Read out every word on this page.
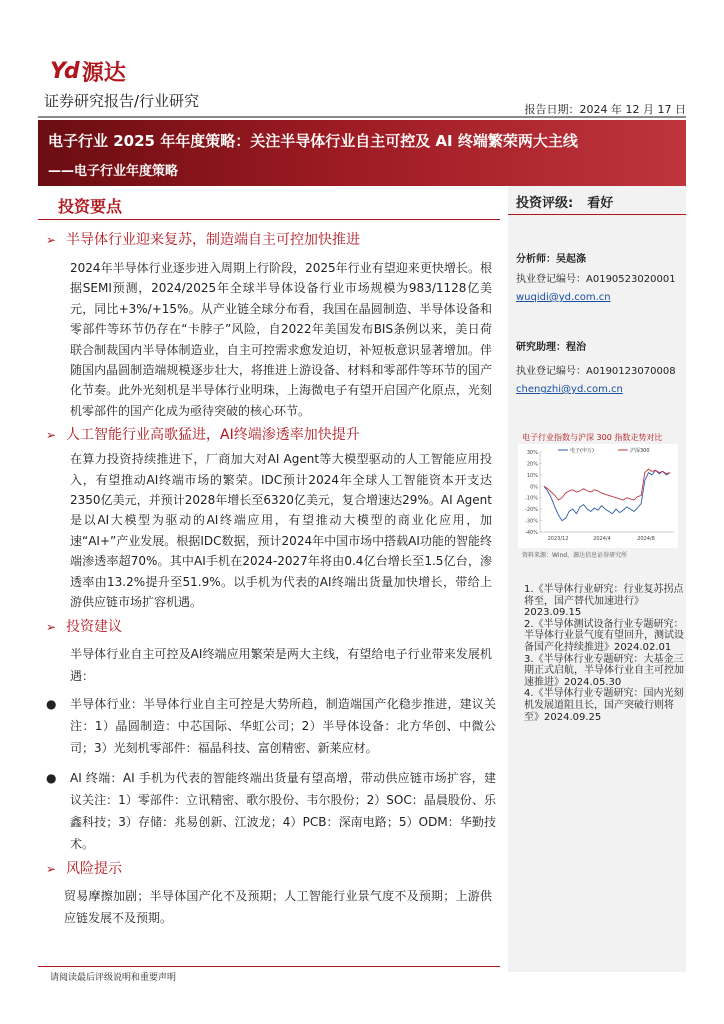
Yd 源达
证券研究报告/行业研究	报告日期：2024 年 12 月 17 日
电子行业 2025 年年度策略：关注半导体行业自主可控及 AI 终端繁荣两大主线
——电子行业年度策略
投资要点
➢ 半导体行业迎来复苏，制造端自主可控加快推进
2024年半导体行业逐步进入周期上行阶段，2025年行业有望迎来更快增长。根据SEMI预测，2024/2025年全球半导体设备行业市场规模为983/1128亿美元，同比+3%/+15%。从产业链全球分布看，我国在晶圆制造、半导体设备和零部件等环节仍存在“卡脖子”风险，自2022年美国发布BIS条例以来，美日荷联合制裁国内半导体制造业，自主可控需求愈发迫切，补短板意识显著增加。伴随国内晶圆制造端规模逐步壮大，将推进上游设备、材料和零部件等环节的国产化节奏。此外光刻机是半导体行业明珠，上海微电子有望开启国产化原点，光刻机零部件的国产化成为亟待突破的核心环节。
➢ 人工智能行业高歌猛进，AI终端渗透率加快提升
在算力投资持续推进下，厂商加大对AI Agent等大模型驱动的人工智能应用投入，有望推动AI终端市场的繁荣。IDC预计2024年全球人工智能资本开支达2350亿美元，并预计2028年增长至6320亿美元，复合增速达29%。AI Agent是以AI大模型为驱动的AI终端应用，有望推动大模型的商业化应用，加速“AI+”产业发展。根据IDC数据，预计2024年中国市场中搭载AI功能的智能终端渗透率超70%。其中AI手机在2024-2027年将由0.4亿台增长至1.5亿台，渗透率由13.2%提升至51.9%。以手机为代表的AI终端出货量加快增长，带给上游供应链市场扩容机遇。
➢ 投资建议
半导体行业自主可控及AI终端应用繁荣是两大主线，有望给电子行业带来发展机遇：
● 半导体行业：半导体行业自主可控是大势所趋，制造端国产化稳步推进，建议关注：1）晶圆制造：中芯国际、华虹公司；2）半导体设备：北方华创、中微公司；3）光刻机零部件：福晶科技、富创精密、新莱应材。
● AI 终端：AI 手机为代表的智能终端出货量有望高增，带动供应链市场扩容，建议关注：1）零部件：立讯精密、歌尔股份、韦尔股份；2）SOC：晶晨股份、乐鑫科技；3）存储：兆易创新、江波龙；4）PCB：深南电路；5）ODM：华勤技术。
➢ 风险提示
贸易摩擦加剧；半导体国产化不及预期；人工智能行业景气度不及预期；上游供应链发展不及预期。
投资评级: 看好
分析师：吴起涤
执业登记编号：A0190523020001
wuqidi@yd.com.cn
研究助理：程治
执业登记编号：A0190123070008
chengzhi@yd.com.cn
电子行业指数与沪深 300 指数走势对比
30%
20%
10%
0%
-10%
-20%
-30%
-40%
2023/12	2024/4	2024/8
电子(申万)	沪深300
资料来源：Wind，源达信息证券研究所
1.《半导体行业研究：行业复苏拐点将至，国产替代加速进行》2023.09.15
2.《半导体测试设备行业专题研究：半导体行业景气度有望回升，测试设备国产化持续推进》2024.02.01
3.《半导体行业专题研究：大基金三期正式启航，半导体行业自主可控加速推进》2024.05.30
4.《半导体行业专题研究：国内光刻机发展道阻且长，国产突破行则将至》2024.09.25
请阅读最后评级说明和重要声明
